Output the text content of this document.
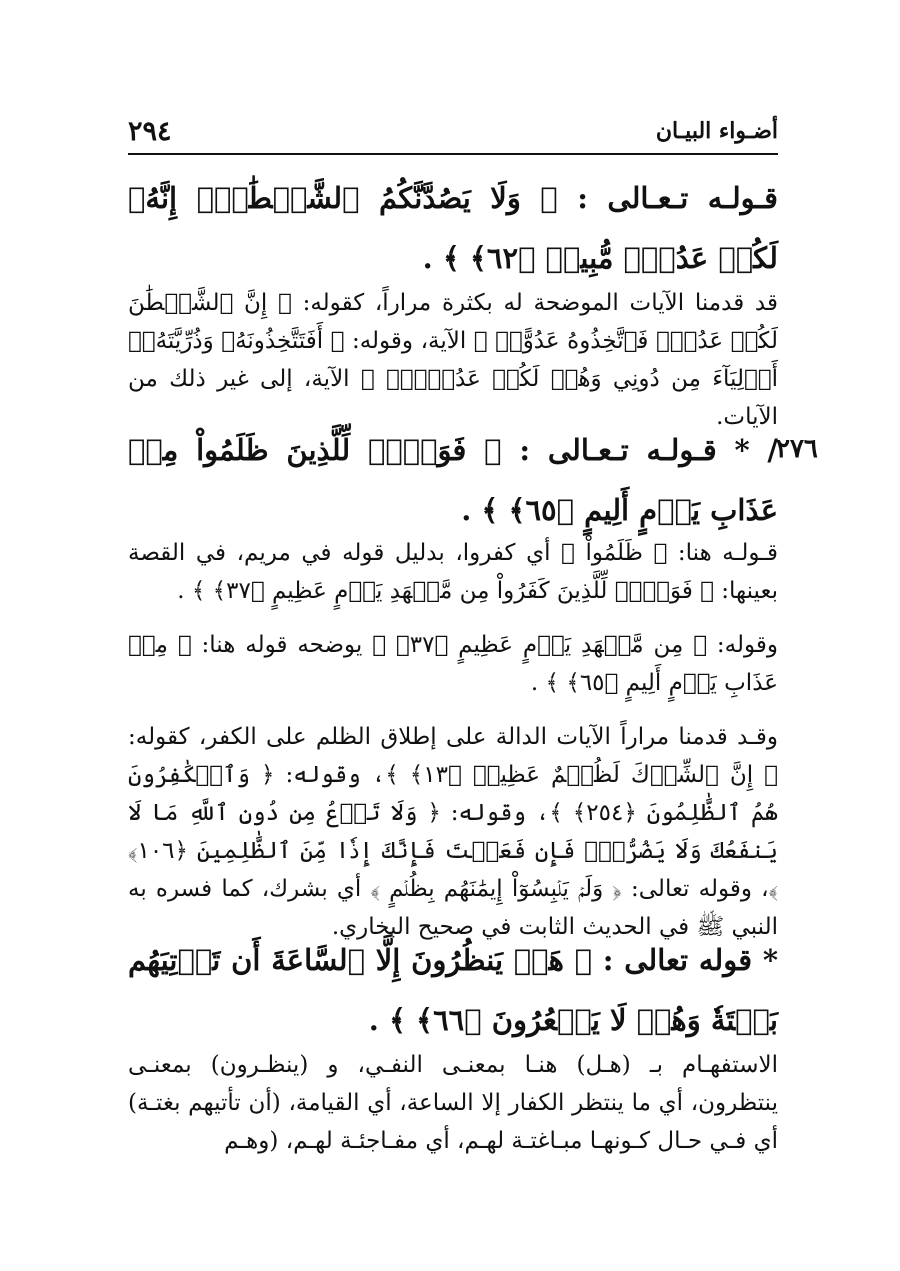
٢٩٤	أضـواء البيـان
قـولـه تـعـالى : ﴿ وَلَا يَصُدَّنَّكُمُ ٱلشَّيۡطَٰنُۖ إِنَّهُۥ لَكُمۡ عَدُوّٞ مُّبِينٞ ﴿٦٢﴾ ﴾ .
قد قدمنا الآيات الموضحة له بكثرة مراراً، كقوله: ﴿ إِنَّ ٱلشَّيۡطَٰنَ لَكُمۡ عَدُوّٞ فَٱتَّخِذُوهُ عَدُوًّاۚ ﴾ الآية، وقوله: ﴿ أَفَتَتَّخِذُونَهُۥ وَذُرِّيَّتَهُۥٓ أَوۡلِيَآءَ مِن دُونِي وَهُمۡ لَكُمۡ عَدُوُّۢۚ ﴾ الآية، إلى غير ذلك من الآيات.
٢٧٦
/ * قـولـه تـعـالى : ﴿ فَوَيۡلٞ لِّلَّذِينَ ظَلَمُواْ مِنۡ عَذَابِ يَوۡمٍ أَلِيمٍ ﴿٦٥﴾ ﴾ .
قـولـه هنا: ﴿ ظَلَمُواْ ﴾ أي كفروا، بدليل قوله في مريم، في القصة بعينها: ﴿ فَوَيۡلٞ لِّلَّذِينَ كَفَرُواْ مِن مَّشۡهَدِ يَوۡمٍ عَظِيمٍ ﴿٣٧﴾ ﴾ .
وقوله: ﴿ مِن مَّشۡهَدِ يَوۡمٍ عَظِيمٍ ﴿٣٧﴾ ﴾ يوضحه قوله هنا: ﴿ مِنۡ عَذَابِ يَوۡمٍ أَلِيمٍ ﴿٦٥﴾ ﴾ .
وقـد قدمنا مراراً الآيات الدالة على إطلاق الظلم على الكفر، كقوله: ﴿ إِنَّ ٱلشِّرۡكَ لَظُلۡمٌ عَظِيمٞ ﴿١٣﴾ ﴾، وقوله: ﴿ وَٱلۡكَٰفِرُونَ هُمُ ٱلظَّٰلِمُونَ ﴿٢٥٤﴾ ﴾، وقوله: ﴿ وَلَا تَدۡعُ مِن دُونِ ٱللَّهِ مَا لَا يَنفَعُكَ وَلَا يَضُرُّكَۖ فَإِن فَعَلۡتَ فَإِنَّكَ إِذٗا مِّنَ ٱلظَّٰلِمِينَ ﴿١٠٦﴾ ﴾، وقوله تعالى: ﴿ وَلَمۡ يَلۡبِسُوٓاْ إِيمَٰنَهُم بِظُلۡمٍ ﴾ أي بشرك، كما فسره به النبي ﷺ في الحديث الثابت في صحيح البخاري.
* قوله تعالى : ﴿ هَلۡ يَنظُرُونَ إِلَّا ٱلسَّاعَةَ أَن تَأۡتِيَهُم بَغۡتَةٗ وَهُمۡ لَا يَشۡعُرُونَ ﴿٦٦﴾ ﴾ .
الاستفهـام بـ (هـل) هنـا بمعنـى النفـي، و (ينظـرون) بمعنـى ينتظرون، أي ما ينتظر الكفار إلا الساعة، أي القيامة، (أن تأتيهم بغتـة) أي فـي حـال كـونهـا مبـاغتـة لهـم، أي مفـاجئـة لهـم، (وهـم
